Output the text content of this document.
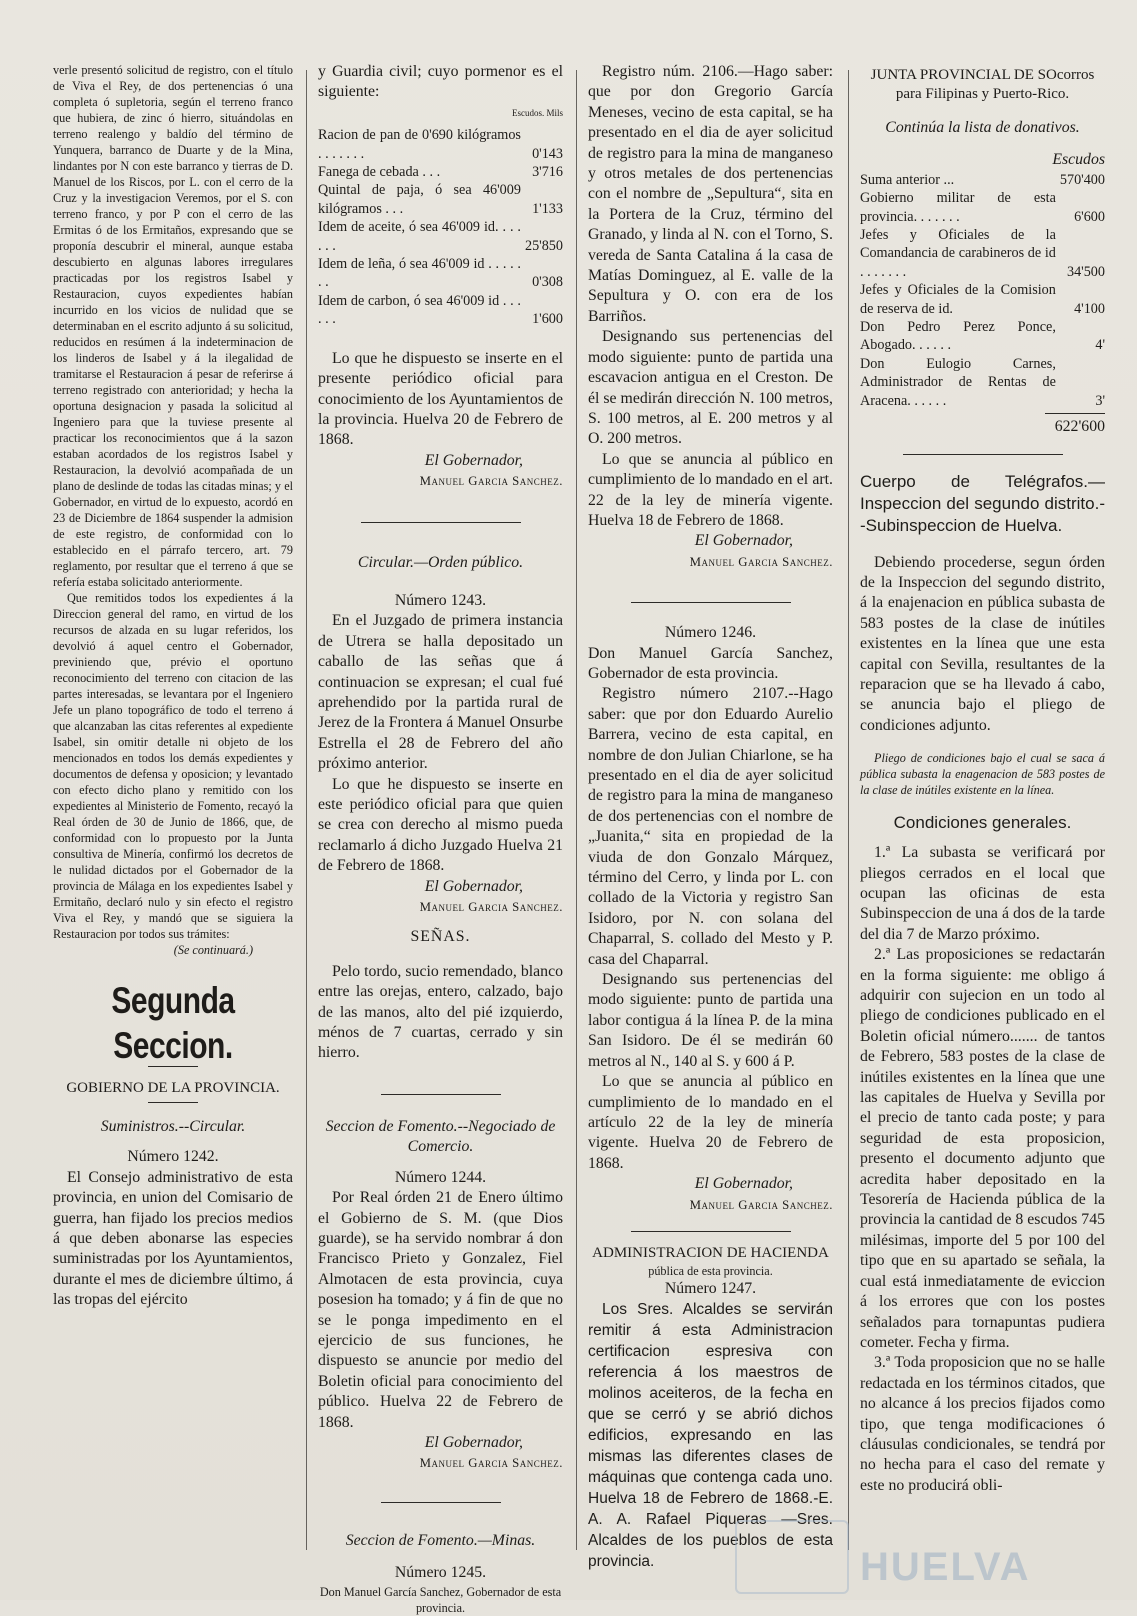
verle presentó solicitud de registro, con el título de Viva el Rey, de dos pertenencias ó una completa ó supletoria, según el terreno franco que hubiera, de zinc ó hierro, situándolas en terreno realengo y baldío del término de Yunquera, barranco de Duarte y de la Mina, lindantes por N con este barranco y tierras de D. Manuel de los Riscos, por L. con el cerro de la Cruz y la investigacion Veremos, por el S. con terreno franco, y por P con el cerro de las Ermitas ó de los Ermitaños, expresando que se proponía descubrir el mineral, aunque estaba descubierto en algunas labores irregulares practicadas por los registros Isabel y Restauracion, cuyos expedientes habían incurrido en los vicios de nulidad que se determinaban en el escrito adjunto á su solicitud, reducidos en resúmen á la indeterminacion de los linderos de Isabel y á la ilegalidad de tramitarse el Restauracion á pesar de referirse á terreno registrado con anterioridad; y hecha la oportuna designacion y pasada la solicitud al Ingeniero para que la tuviese presente al practicar los reconocimientos que á la sazon estaban acordados de los registros Isabel y Restauracion, la devolvió acompañada de un plano de deslinde de todas las citadas minas; y el Gobernador, en virtud de lo expuesto, acordó en 23 de Diciembre de 1864 suspender la admision de este registro, de conformidad con lo establecido en el párrafo tercero, art. 79 reglamento, por resultar que el terreno á que se refería estaba solicitado anteriormente.

Que remitidos todos los expedientes á la Direccion general del ramo, en virtud de los recursos de alzada en su lugar referidos, los devolvió á aquel centro el Gobernador, previniendo que, prévio el oportuno reconocimiento del terreno con citacion de las partes interesadas, se levantara por el Ingeniero Jefe un plano topográfico de todo el terreno á que alcanzaban las citas referentes al expediente Isabel, sin omitir detalle ni objeto de los mencionados en todos los demás expedientes y documentos de defensa y oposicion; y levantado con efecto dicho plano y remitido con los expedientes al Ministerio de Fomento, recayó la Real órden de 30 de Junio de 1866, que, de conformidad con lo propuesto por la Junta consultiva de Minería, confirmó los decretos de le nulidad dictados por el Gobernador de la provincia de Málaga en los expedientes Isabel y Ermitaño, declaró nulo y sin efecto el registro Viva el Rey, y mandó que se siguiera la Restauracion por todos sus trámites:

(Se continuará.)

Segunda Seccion.

GOBIERNO DE LA PROVINCIA.

Suministros.--Circular.

Número 1242.

El Consejo administrativo de esta provincia, en union del Comisario de guerra, han fijado los precios medios á que deben abonarse las especies suministradas por los Ayuntamientos, durante el mes de diciembre último, á las tropas del ejército

y Guardia civil; cuyo pormenor es el siguiente:

Escudos. Mils
Racion de pan de 0'690 kilógramos . . . . . . .	0'143
Fanega de cebada . . .	3'716
Quintal de paja, ó sea 46'009 kilógramos . . .	1'133
Idem de aceite, ó sea 46'009 id. . . . . . .	25'850
Idem de leña, ó sea 46'009 id . . . . . . .	0'308
Idem de carbon, ó sea 46'009 id . . . . . .	1'600

Lo que he dispuesto se inserte en el presente periódico oficial para conocimiento de los Ayuntamientos de la provincia. Huelva 20 de Febrero de 1868.

El Gobernador,

Manuel Garcia Sanchez.

Circular.—Orden público.

Número 1243.

En el Juzgado de primera instancia de Utrera se halla depositado un caballo de las señas que á continuacion se expresan; el cual fué aprehendido por la partida rural de Jerez de la Frontera á Manuel Onsurbe Estrella el 28 de Febrero del año próximo anterior.

Lo que he dispuesto se inserte en este periódico oficial para que quien se crea con derecho al mismo pueda reclamarlo á dicho Juzgado Huelva 21 de Febrero de 1868.

El Gobernador,

Manuel Garcia Sanchez.

SEÑAS.

Pelo tordo, sucio remendado, blanco entre las orejas, entero, calzado, bajo de las manos, alto del pié izquierdo, ménos de 7 cuartas, cerrado y sin hierro.

Seccion de Fomento.--Negociado de Comercio.

Número 1244.

Por Real órden 21 de Enero último el Gobierno de S. M. (que Dios guarde), se ha servido nombrar á don Francisco Prieto y Gonzalez, Fiel Almotacen de esta provincia, cuya posesion ha tomado; y á fin de que no se le ponga impedimento en el ejercicio de sus funciones, he dispuesto se anuncie por medio del Boletin oficial para conocimiento del público. Huelva 22 de Febrero de 1868.

El Gobernador,

Manuel Garcia Sanchez.

Seccion de Fomento.—Minas.

Número 1245.

Don Manuel García Sanchez, Gobernador de esta provincia.

Registro núm. 2106.—Hago saber: que por don Gregorio García Meneses, vecino de esta capital, se ha presentado en el dia de ayer solicitud de registro para la mina de manganeso y otros metales de dos pertenencias con el nombre de „Sepultura“, sita en la Portera de la Cruz, término del Granado, y linda al N. con el Torno, S. vereda de Santa Catalina á la casa de Matías Dominguez, al E. valle de la Sepultura y O. con era de los Barriños.

Designando sus pertenencias del modo siguiente: punto de partida una escavacion antigua en el Creston. De él se medirán dirección N. 100 metros, S. 100 metros, al E. 200 metros y al O. 200 metros.

Lo que se anuncia al público en cumplimiento de lo mandado en el art. 22 de la ley de minería vigente. Huelva 18 de Febrero de 1868.

El Gobernador,

Manuel Garcia Sanchez.

Número 1246.

Don Manuel García Sanchez, Gobernador de esta provincia.

Registro número 2107.--Hago saber: que por don Eduardo Aurelio Barrera, vecino de esta capital, en nombre de don Julian Chiarlone, se ha presentado en el dia de ayer solicitud de registro para la mina de manganeso de dos pertenencias con el nombre de „Juanita,“ sita en propiedad de la viuda de don Gonzalo Márquez, término del Cerro, y linda por L. con collado de la Victoria y registro San Isidoro, por N. con solana del Chaparral, S. collado del Mesto y P. casa del Chaparral.

Designando sus pertenencias del modo siguiente: punto de partida una labor contigua á la línea P. de la mina San Isidoro. De él se medirán 60 metros al N., 140 al S. y 600 á P.

Lo que se anuncia al público en cumplimiento de lo mandado en el artículo 22 de la ley de minería vigente. Huelva 20 de Febrero de 1868.

El Gobernador,

Manuel Garcia Sanchez.

ADMINISTRACION DE HACIENDA

pública de esta provincia.

Número 1247.

Los Sres. Alcaldes se servirán remitir á esta Administracion certificacion espresiva con referencia á los maestros de molinos aceiteros, de la fecha en que se cerró y se abrió dichos edificios, expresando en las mismas las diferentes clases de máquinas que contenga cada uno. Huelva 18 de Febrero de 1868.-E. A. A. Rafael Piqueras —Sres. Alcaldes de los pueblos de esta provincia.

JUNTA PROVINCIAL DE SOcorros para Filipinas y Puerto-Rico.

Continúa la lista de donativos.

Escudos

Suma anterior ...	570'400
Gobierno militar de esta provincia. . . . . . .	6'600
Jefes y Oficiales de la Comandancia de carabineros de id . . . . . . .	34'500
Jefes y Oficiales de la Comision de reserva de id.	4'100
Don Pedro Perez Ponce, Abogado. . . . . .	4'
Don Eulogio Carnes, Administrador de Rentas de Aracena. . . . . .	3'

622'600

Cuerpo de Telégrafos.—Inspeccion del segundo distrito.--Subinspeccion de Huelva.

Debiendo procederse, segun órden de la Inspeccion del segundo distrito, á la enajenacion en pública subasta de 583 postes de la clase de inútiles existentes en la línea que une esta capital con Sevilla, resultantes de la reparacion que se ha llevado á cabo, se anuncia bajo el pliego de condiciones adjunto.

Pliego de condiciones bajo el cual se saca á pública subasta la enagenacion de 583 postes de la clase de inútiles existente en la línea.

Condiciones generales.

1.ª La subasta se verificará por pliegos cerrados en el local que ocupan las oficinas de esta Subinspeccion de una á dos de la tarde del dia 7 de Marzo próximo.

2.ª Las proposiciones se redactarán en la forma siguiente: me obligo á adquirir con sujecion en un todo al pliego de condiciones publicado en el Boletin oficial número....... de tantos de Febrero, 583 postes de la clase de inútiles existentes en la línea que une las capitales de Huelva y Sevilla por el precio de tanto cada poste; y para seguridad de esta proposicion, presento el documento adjunto que acredita haber depositado en la Tesorería de Hacienda pública de la provincia la cantidad de 8 escudos 745 milésimas, importe del 5 por 100 del tipo que en su apartado se señala, la cual está inmediatamente de eviccion á los errores que con los postes señalados para tornapuntas pudiera cometer. Fecha y firma.

3.ª Toda proposicion que no se halle redactada en los términos citados, que no alcance á los precios fijados como tipo, que tenga modificaciones ó cláusulas condicionales, se tendrá por no hecha para el caso del remate y este no producirá obli-

HUELVA
